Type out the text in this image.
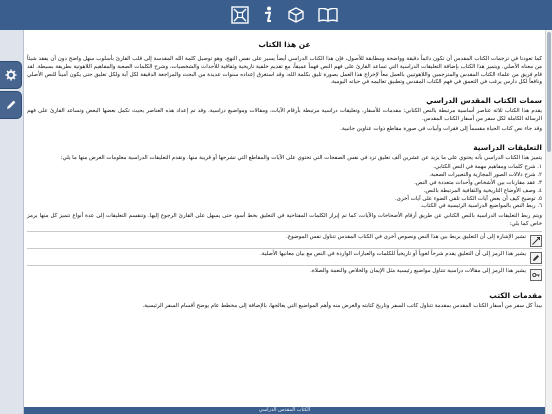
عن هذا الكتاب

كما تعودنا في ترجمات الكتاب المقدس أن تكون دائماً دقيقة وواضحة ومطابقة للأصول، فإن هذا الكتاب الدراسي أيضاً يسير على نفس النهج، وهو توصيل كلمة الله المقدسة إلى قلب القارئ بأسلوب سهل واضح دون أن يفقد شيئاً من معناه الأصلي. ويتميز هذا الكتاب بإضافة التعليقات الدراسية التي تساعد القارئ على فهم النص فهماً عميقاً، مع تقديم خلفية تاريخية وثقافية للأحداث والشخصيات، وشرح الكلمات الصعبة والمفاهيم اللاهوتية بطريقة بسيطة. لقد قام فريق من علماء الكتاب المقدس والمترجمين واللاهوتيين بالعمل معاً لإخراج هذا العمل بصورة تليق بكلمة الله، وقد استغرق إعداده سنوات عديدة من البحث والمراجعة الدقيقة لكل آية ولكل تعليق حتى يكون أميناً للنص الأصلي ونافعاً لكل دارس يرغب في التعمق في فهم الكتاب المقدس وتطبيق تعاليمه في حياته اليومية.

سمات الكتاب المقدس الدراسي

يقدم هذا الكتاب ثلاثة عناصر أساسية مرتبطة بالنص الكتابي: مقدمات للأسفار، وتعليقات دراسية مرتبطة بأرقام الآيات، ومقالات ومواضيع دراسية. وقد تم إعداد هذه العناصر بحيث تكمل بعضها البعض وتساعد القارئ على فهم الرسالة الكاملة لكل سفر من أسفار الكتاب المقدس.

وقد جاء نص كتاب الحياة مقسماً إلى فقرات وأبيات في صورة مقاطع ذوات عناوين جانبية.

التعليقات الدراسية

يتميز هذا الكتاب الدراسي بأنه يحتوي على ما يزيد عن عشرين ألف تعليق ترد في نفس الصفحات التي تحتوي على الآيات والمقاطع التي تشرحها أو قريبة منها. وتقدم التعليقات الدراسية معلومات الغرض منها ما يلي:

١. شرح كلمات ومفاهيم مهمة في النص الكتابي.
٢. شرح دلالات الصور المجازية والتعبيرات الصعبة.
٣. عقد مقارنات بين الأشخاص وأحداث متعددة في النص.
٤. وصف الأوضاع التاريخية والثقافية المرتبطة بالنص.
٥. توضيح كيف أن بعض آيات الكتاب تلقي الضوء على آيات أخرى.
٦. ربط النص بالمواضيع الدراسية الرئيسية في الكتاب.

ويتم ربط التعليقات الدراسية بالنص الكتابي عن طريق أرقام الأصحاحات والآيات، كما تم إبراز الكلمات المفتاحية في التعليق بخط أسود حتى يسهل على القارئ الرجوع إليها. وتنقسم التعليقات إلى عدة أنواع تتميز كل منها برمز خاص كما يلي:

تشير الإشارة إلى أن التعليق يربط بين هذا النص ونصوص أخرى في الكتاب المقدس تتناول نفس الموضوع.

يشير هذا الرمز إلى أن التعليق يقدم شرحاً لغوياً أو تاريخياً للكلمات والعبارات الواردة في النص مع بيان معانيها الأصلية.

يشير هذا الرمز إلى مقالات دراسية تتناول مواضيع رئيسية مثل الإيمان والخلاص والنعمة والصلاة.

مقدمات الكتب

يبدأ كل سفر من أسفار الكتاب المقدس بمقدمة تتناول كاتب السفر وتاريخ كتابته والغرض منه وأهم المواضيع التي يعالجها، بالإضافة إلى مخطط عام يوضح أقسام السفر الرئيسية.

الكتاب المقدس الدراسي
